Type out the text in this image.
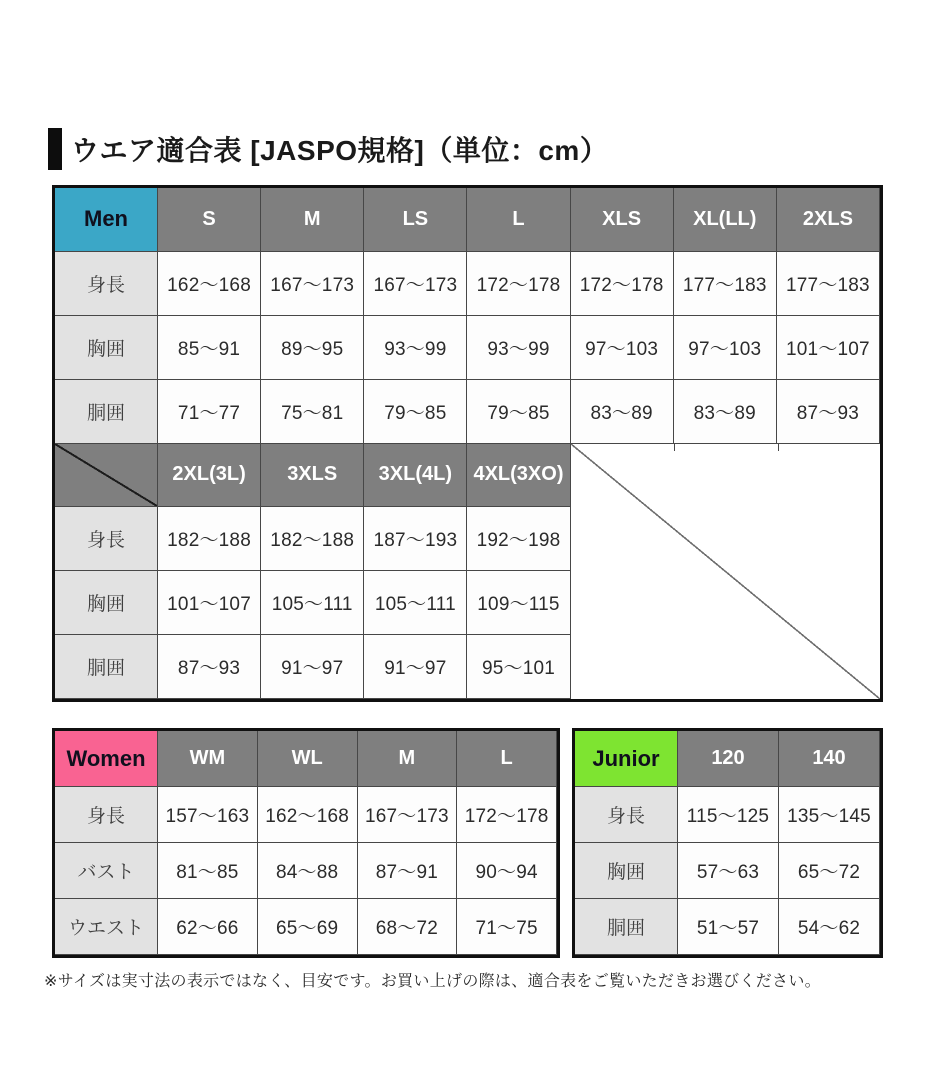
ウエア適合表 [JASPO規格]（単位：cm）
Men	S	M	LS	L	XLS	XL(LL)	2XLS
身長	162〜168	167〜173	167〜173	172〜178	172〜178	177〜183	177〜183
胸囲	85〜91	89〜95	93〜99	93〜99	97〜103	97〜103	101〜107
胴囲	71〜77	75〜81	79〜85	79〜85	83〜89	83〜89	87〜93
2XL(3L)	3XLS	3XL(4L)	4XL(3XO)
身長	182〜188	182〜188	187〜193	192〜198
胸囲	101〜107	105〜111	105〜111	109〜115
胴囲	87〜93	91〜97	91〜97	95〜101
Women	WM	WL	M	L
身長	157〜163 162〜168 167〜173 172〜178
バスト	81〜85	84〜88	87〜91	90〜94
ウエスト	62〜66	65〜69	68〜72	71〜75
Junior	120	140
身長	115〜125 135〜145
胸囲	57〜63	65〜72
胴囲	51〜57	54〜62
※サイズは実寸法の表示ではなく、目安です。お買い上げの際は、適合表をご覧いただきお選びください。
